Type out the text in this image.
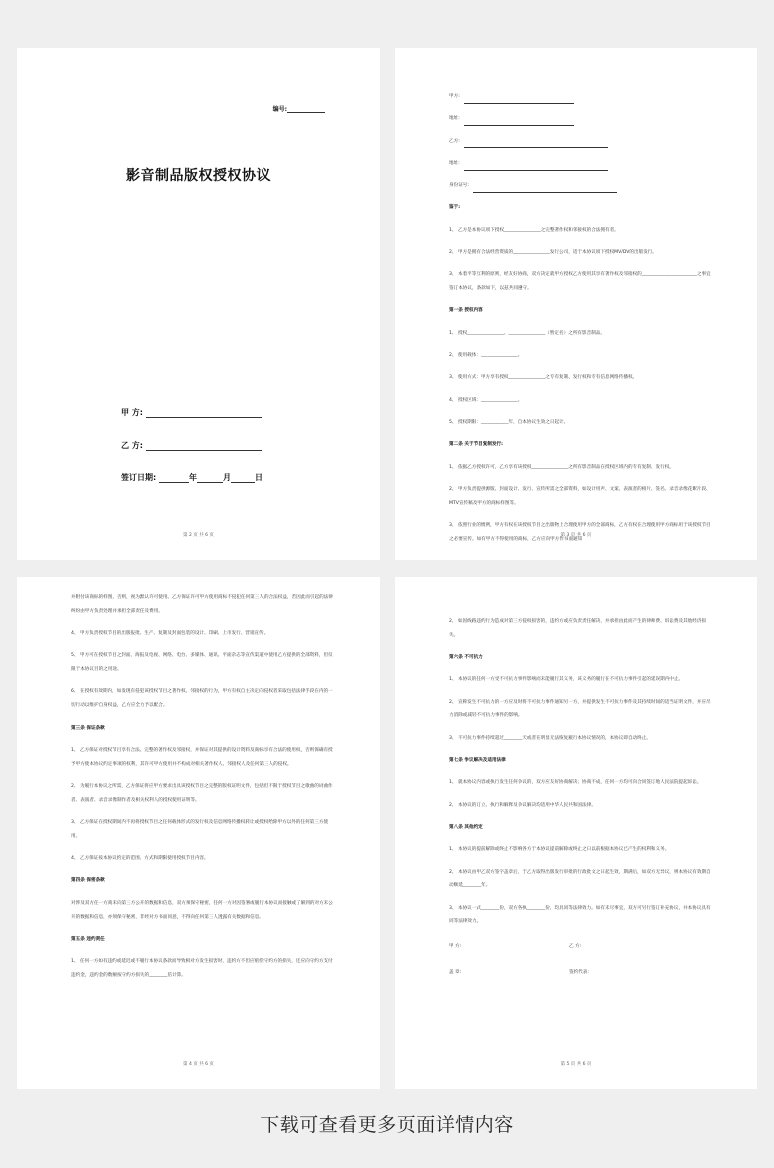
编号:
影音制品版权授权协议
甲 方:
乙 方:
签订日期:	年	月	日
第 2 页 共 6 页

甲方:

地址:

乙方:

地址:

身份证号:

鉴于:

1、 乙方是本协议项下授权________________之完整著作权和邻接权的合法拥有者。

2、 甲方是拥有合法经营资质的________________发行公司，适于本协议项下授权MV/DV的出版发行。

3、 本着平等互利的原则，经友好协商，双方决定就甲方授权乙方使用其享有著作权及邻接权的________________________之事宜签订本协议，条款如下，以兹共同遵守。

第一条 授权内容

1、 授权________________、________________（暂定名）之所有影音制品。

2、 使用载体：________________。

3、 使用方式：甲方享有授权________________之专有复制、发行权和专有信息网络传播权。

4、 授权区域：________________。

5、 授权期限：____________年，自本协议生效之日起计。

第二条 关于节目复制发行:

1、 依据乙方授权许可，乙方享有该授权________________之所有影音制品在授权区域内的专有复制、发行权。

2、 甲方负责提供源版、封面设计、发行、宣传所需之全部资料，如设计用声、文案、表演者的相片、签名、录音录像花絮片段、MTV宣传稿及甲方的商标样图等。

3、 依照行业的惯例，甲方有权在该授权节目之出版物上合理使用甲方的全部商标，乙方有权在合理使用甲方商标用于该授权节目之必要宣传。如有甲方不得使用的商标，乙方应向甲方作书面通知

第 3 页 共 6 页

并附付该商标的样图，否则，视为默认许可使用。乙方保证许可甲方使用商标不侵犯任何第三人的合法权益，若因此而引起的法律纠纷由甲方负责处理并承担全部责任及费用。

4、 甲方负责授权节目的出版报批、生产、复制及封面包装的设计、印刷、上市发行、营销宣传。

5、 甲方可在授权节目之封面、海报及电视、网络、电台、多媒体、通讯、平面杂志等宣传渠道中使用乙方提供的全部资料，但仅限于本协议目的之用途。

6、 在授权有效期内，如发现有侵犯该授权节目之著作权、邻接权的行为，甲方有权自主决定向侵权者采取包括法律手段在内的一切行动以维护自身权益，乙方应全力予以配合。

第三条 保证条款

1、 乙方保证对授权节目享有合法、完整的著作权及邻接权，并保证对其提供的设计资料及商标享有合法的使用权，否则保确有授予甲方使本协议约定事项的权利，其许可甲方使用并不构成对相关著作权人、邻接权人及任何第三人的侵权。

2、 为履行本协议之所需，乙方保证将应甲方要求出具该授权节目之完整的版权证明文件，包括但不限于授权节目之歌曲的词曲作者、表演者、录音录像制作者及相关权利人的授权使用证明等。

3、 乙方保证在授权期间内不再将授权节目之任何载体形式的发行权及信息网络传播权转让或授权给除甲方以外的任何第三方使用。

4、 乙方保证按本协议约定的范围、方式和期限使用授权节目内容。

第四条 保密条款

对涉及双方任一方商未向第三方公开的数据和信息，双方须保守秘密，任何一方对因签署或履行本协议而接触或了解到的对方未公开的数据和信息，亦须保守秘密，非经对方书面同意，不得向任何第三人透露有关数据和信息。

第五条 违约责任

1、 任何一方如有违约或延迟或不履行本协议条款而导致相对方发生损害时，违约方不但应赔偿守约方的损失，还应向守约方支付违约金，违约金的数额按守约方损失的________倍计算。

第 4 页 共 6 页

2、 如因线路违约行为造成对第三方侵权损害的，违约方或应负责责任解决，并承担由此而产生的律师费、诉讼费及其他经济损失。

第六条 不可抗力

1、 本协议的任何一方受不可抗力事件影响而未能履行其义务，该义务的履行在不可抗力事件引起的延误期内中止。

2、 宣称发生不可抗力的一方应及时将不可抗力事件通知另一方，并提供发生不可抗力事件及其持续时间的适当证明文件，并应尽力消除或减轻不可抗力事件的影响。

3、 不可抗力事件持续超过________天或者在明显无法恢复履行本协议情况的，本协议即自动终止。

第七条 争议解决及适用法律

1、 就本协议内容或执行发生任何争议的，双方应友好协商解决；协商不成，任何一方均可向合同签订地人民法院提起诉讼。

2、 本协议的订立、执行和解释及争议解决均适用中华人民共和国法律。

第八条 其他约定

1、 本协议的提前解除或终止不影响各方于本协议提前解除或终止之日以前根据本协议已产生的权利和义务。

2、 本协议由甲乙双方签字盖章后，于乙方取得出版发行审批的行政批文之日起生效，期满后，如双方无异议，则本协议有效期自动顺延________年。

3、 本协议一式________份，双方各执________份，均具同等法律效力。如有未尽事宜，双方可另行签订补充协议，并本协议具有同等法律效力。

甲 方:	乙 方:
盖 章:	签约代表:
第 5 页 共 6 页
下载可查看更多页面详情内容
